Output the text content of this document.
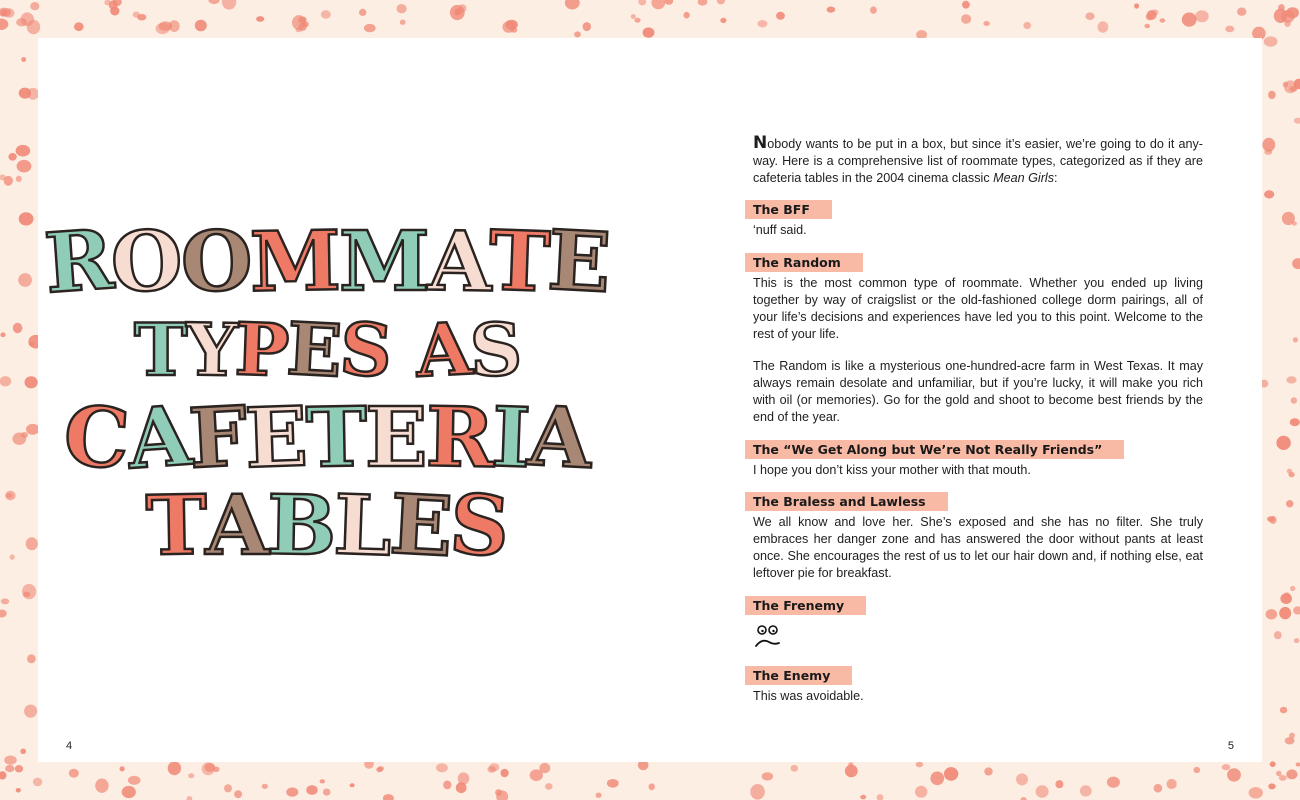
R
O
O
M
M
A
T
E
T
Y
P
E
S A
S
C
A
F
E
T
E
R
I
A
T
A
B
L
E
S
4	5

Nobody wants to be put in a box, but since it’s easier, we’re going to do it anyway. Here is a comprehensive list of roommate types, categorized as if they are cafeteria tables in the 2004 cinema classic Mean Girls:

The BFF

‘nuff said.

The Random

This is the most common type of roommate. Whether you ended up living together by way of craigslist or the old-fashioned college dorm pairings, all of your life’s decisions and experiences have led you to this point. Welcome to the rest of your life.

The Random is like a mysterious one-hundred-acre farm in West Texas. It may always remain desolate and unfamiliar, but if you’re lucky, it will make you rich with oil (or memories). Go for the gold and shoot to become best friends by the end of the year.

The “We Get Along but We’re Not Really Friends”

I hope you don’t kiss your mother with that mouth.

The Braless and Lawless

We all know and love her. She’s exposed and she has no filter. She truly embraces her danger zone and has answered the door without pants at least once. She encourages the rest of us to let our hair down and, if nothing else, eat leftover pie for breakfast.

The Frenemy
The Enemy

This was avoidable.
